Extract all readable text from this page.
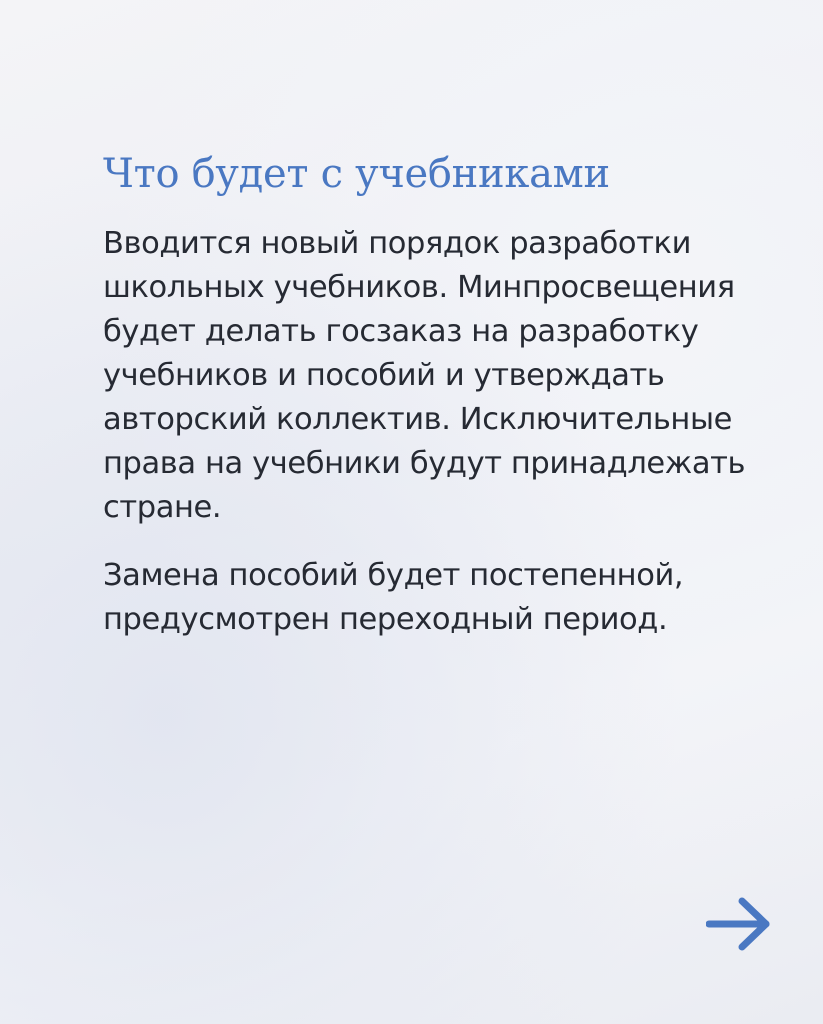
Что будет с учебниками

Вводится новый порядок разработки
школьных учебников. Минпросвещения
будет делать госзаказ на разработку
учебников и пособий и утверждать
авторский коллектив. Исключительные
права на учебники будут принадлежать
стране.

Замена пособий будет постепенной,
предусмотрен переходный период.
